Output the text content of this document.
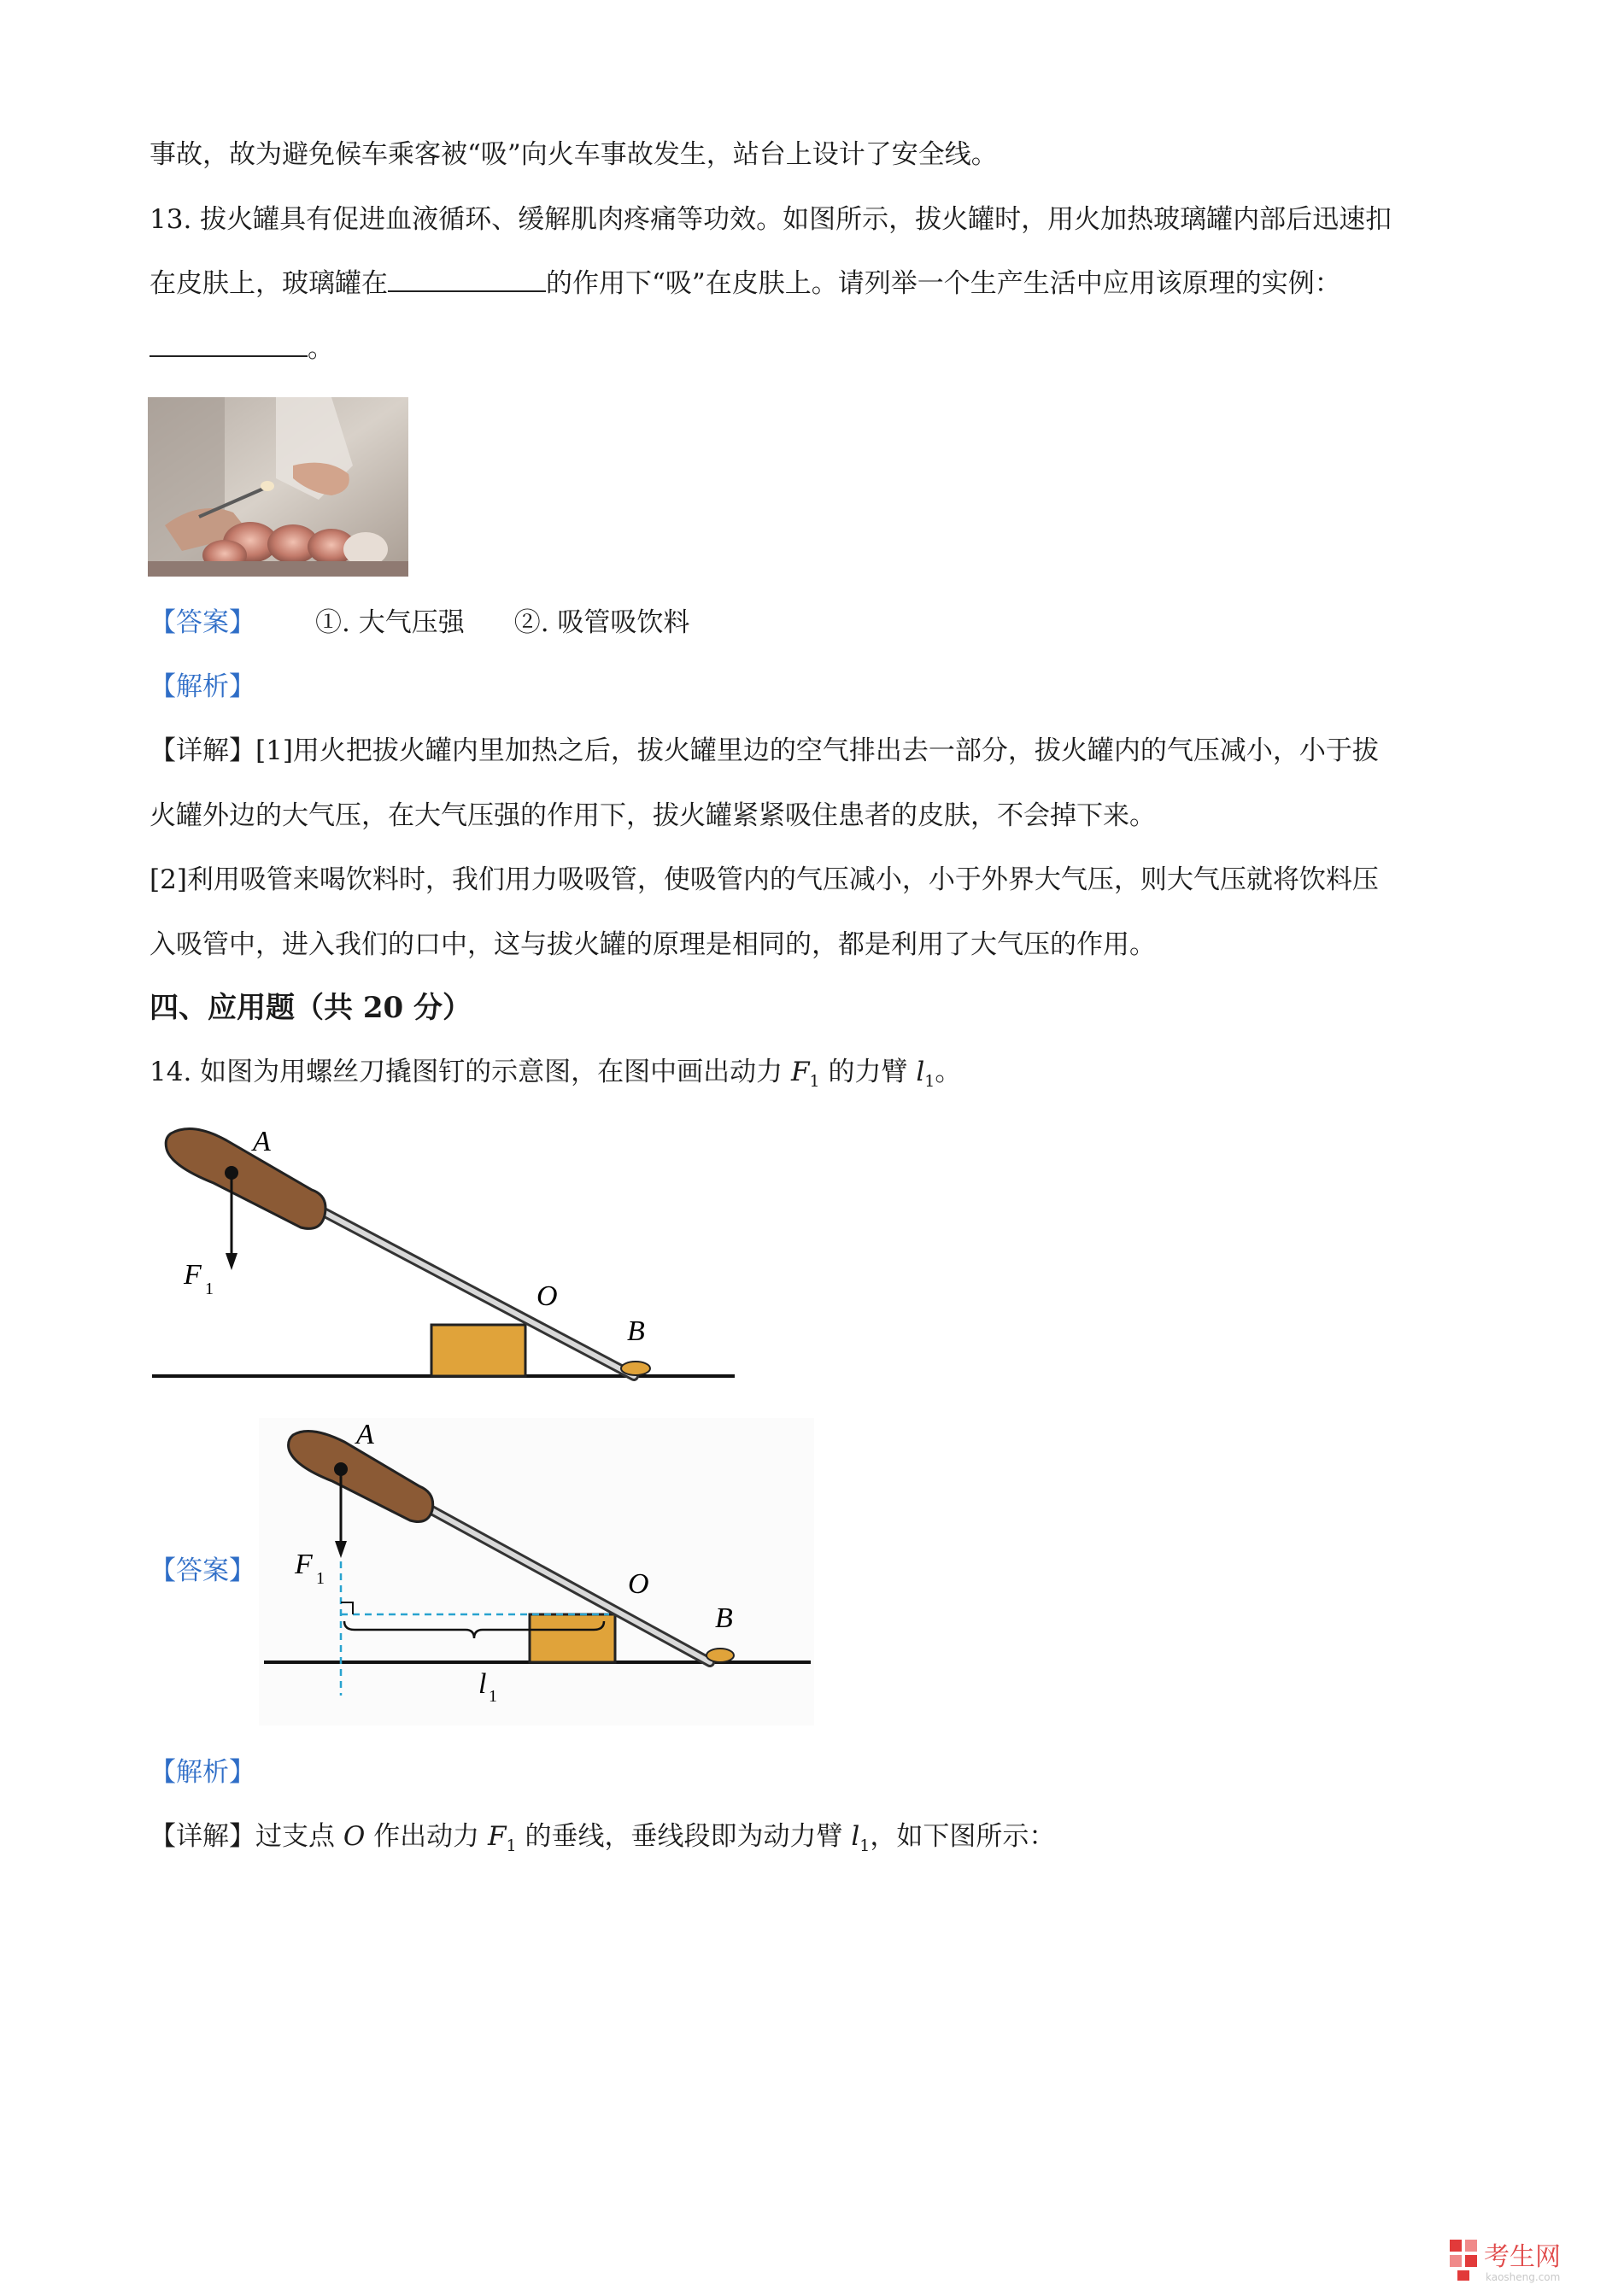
事故，故为避免候车乘客被“吸”向火车事故发生，站台上设计了安全线。
13. 拔火罐具有促进血液循环、缓解肌肉疼痛等功效。如图所示，拔火罐时，用火加热玻璃罐内部后迅速扣
在皮肤上，玻璃罐在	的作用下“吸”在皮肤上。请列举一个生产生活中应用该原理的实例：
。
【答案】 ①. 大气压强 ②. 吸管吸饮料
【解析】
【详解】[1]用火把拔火罐内里加热之后，拔火罐里边的空气排出去一部分，拔火罐内的气压减小，小于拔
火罐外边的大气压，在大气压强的作用下，拔火罐紧紧吸住患者的皮肤，不会掉下来。
[2]利用吸管来喝饮料时，我们用力吸吸管，使吸管内的气压减小，小于外界大气压，则大气压就将饮料压
入吸管中，进入我们的口中，这与拔火罐的原理是相同的，都是利用了大气压的作用。
四、应用题（共 20 分）
14. 如图为用螺丝刀撬图钉的示意图，在图中画出动力 $F_1$ 的力臂 $l_1$。
A
F 1	O
B
【答案】
A
F 1	O
B
l 1
【解析】
【详解】过支点 O 作出动力 $F_1$ 的垂线，垂线段即为动力臂 $l_1$，如下图所示：
考生网
kaosheng.com
